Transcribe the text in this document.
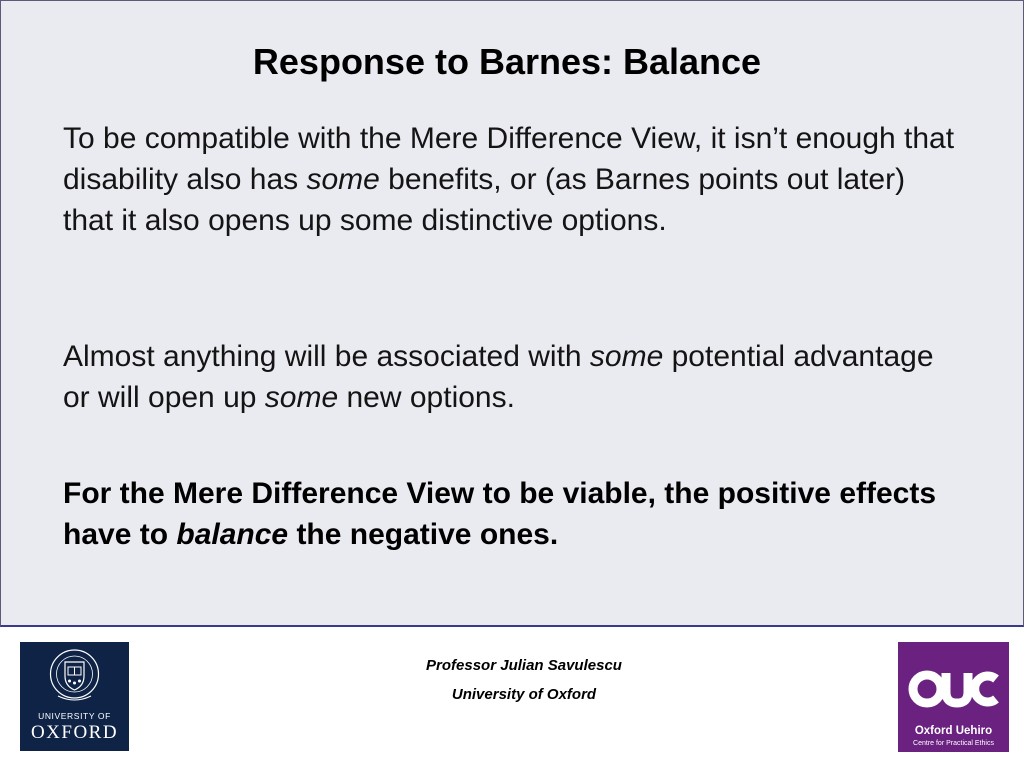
Response to Barnes: Balance

To be compatible with the Mere Difference View, it isn’t enough that disability also has some benefits, or (as Barnes points out later) that it also opens up some distinctive options.

Almost anything will be associated with some potential advantage or will open up some new options.

For the Mere Difference View to be viable, the positive effects have to balance the negative ones.

UNIVERSITY OF
OXFORD
Professor Julian Savulescu
University of Oxford
Oxford Uehiro
Centre for Practical Ethics
